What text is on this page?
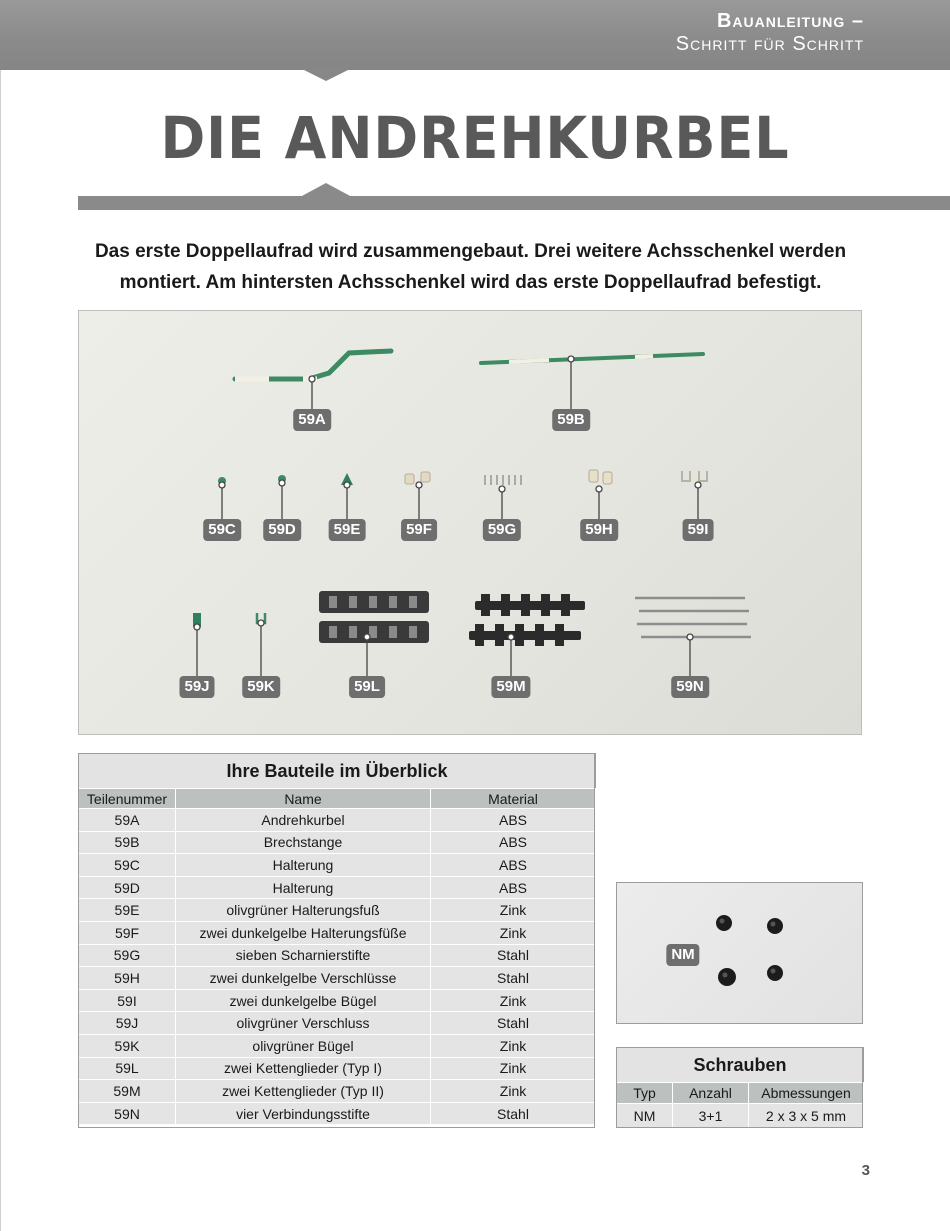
Bauanleitung –
Schritt für Schritt
DIE ANDREHKURBEL
Das erste Doppellaufrad wird zusammengebaut. Drei weitere Achsschenkel werden montiert. Am hintersten Achsschenkel wird das erste Doppellaufrad befestigt.
59A	59B
59C	59D	59E	59F	59G	59H	59I
59J	59K	59L	59M	59N
Ihre Bauteile im Überblick		
Teilenummer	Name	Material
59A	Andrehkurbel	ABS
59B	Brechstange	ABS
59C	Halterung	ABS
59D	Halterung	ABS
59E	olivgrüner Halterungsfuß	Zink
59F	zwei dunkelgelbe Halterungsfüße	Zink
59G	sieben Scharnierstifte	Stahl
59H	zwei dunkelgelbe Verschlüsse	Stahl
59I	zwei dunkelgelbe Bügel	Zink
59J	olivgrüner Verschluss	Stahl
59K	olivgrüner Bügel	Zink
59L	zwei Kettenglieder (Typ I)	Zink
59M	zwei Kettenglieder (Typ II)	Zink
59N	vier Verbindungsstifte	Stahl
NM
Schrauben		
Typ	Anzahl	Abmessungen
NM	3+1	2 x 3 x 5 mm
3
